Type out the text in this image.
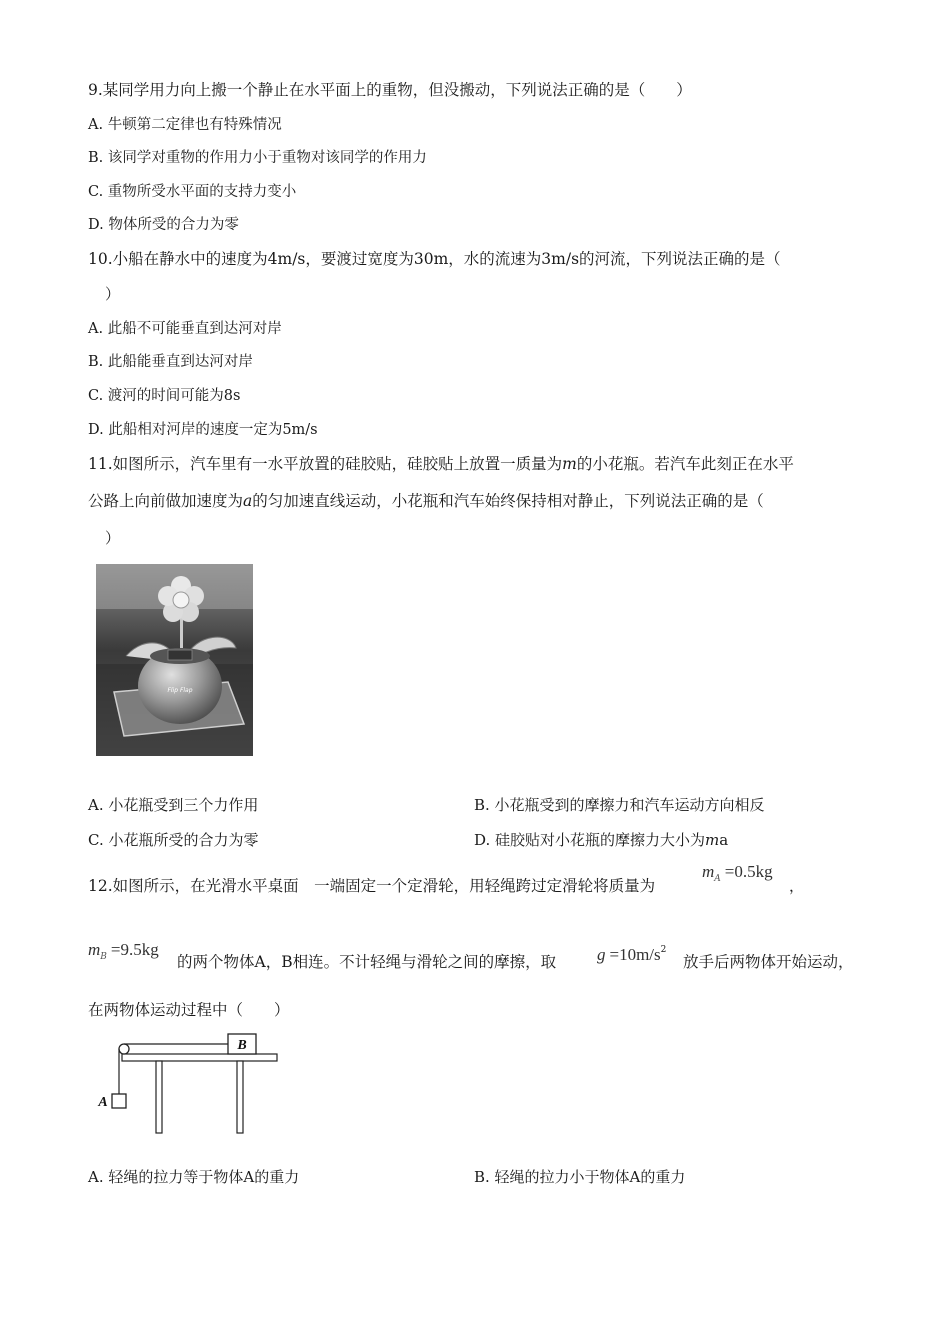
9.某同学用力向上搬一个静止在水平面上的重物，但没搬动，下列说法正确的是（　　）
A. 牛顿第二定律也有特殊情况
B. 该同学对重物的作用力小于重物对该同学的作用力
C. 重物所受水平面的支持力变小
D. 物体所受的合力为零
10.小船在静水中的速度为4m/s，要渡过宽度为30m，水的流速为3m/s的河流，下列说法正确的是（
）
A. 此船不可能垂直到达河对岸
B. 此船能垂直到达河对岸
C. 渡河的时间可能为8s
D. 此船相对河岸的速度一定为5m/s
11.如图所示，汽车里有一水平放置的硅胶贴，硅胶贴上放置一质量为m的小花瓶。若汽车此刻正在水平
公路上向前做加速度为a的匀加速直线运动，小花瓶和汽车始终保持相对静止，下列说法正确的是（
）
Flip Flap
A. 小花瓶受到三个力作用	B. 小花瓶受到的摩擦力和汽车运动方向相反
C. 小花瓶所受的合力为零	D. 硅胶贴对小花瓶的摩擦力大小为ma
12.如图所示，在光滑水平桌面　一端固定一个定滑轮，用轻绳跨过定滑轮将质量为
$m_A =0.5kg$
，
$m_B =9.5kg$
的两个物体A，B相连。不计轻绳与滑轮之间的摩擦，取 $g =10m/s^2$
放手后两物体开始运动，
在两物体运动过程中（　　）
B
A
A. 轻绳的拉力等于物体A的重力	B. 轻绳的拉力小于物体A的重力
